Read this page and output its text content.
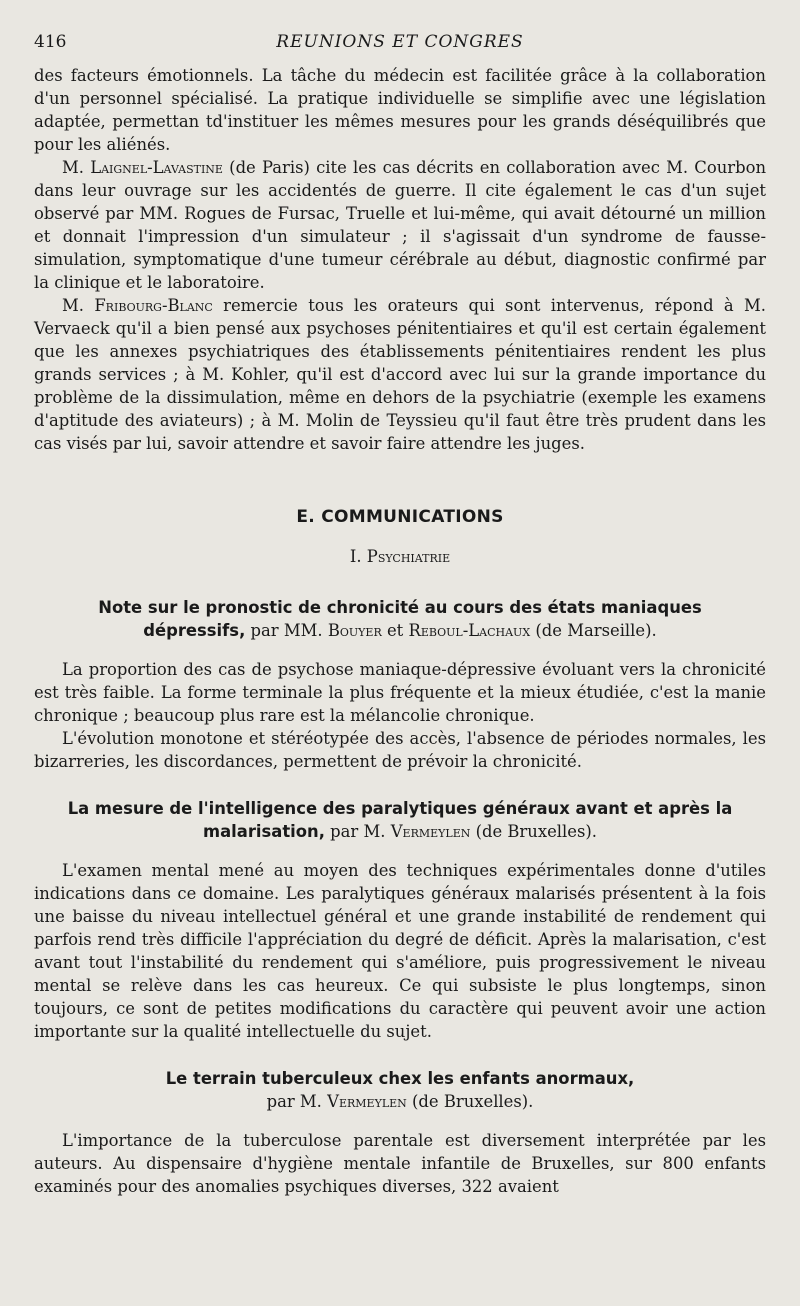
416	REUNIONS ET CONGRES

des facteurs émotionnels. La tâche du médecin est facilitée grâce à la collaboration d'un personnel spécialisé. La pratique individuelle se simplifie avec une législation adaptée, permettan td'instituer les mêmes mesures pour les grands déséquilibrés que pour les aliénés.

M. Laignel-Lavastine (de Paris) cite les cas décrits en collaboration avec M. Courbon dans leur ouvrage sur les accidentés de guerre. Il cite également le cas d'un sujet observé par MM. Rogues de Fursac, Truelle et lui-même, qui avait détourné un million et donnait l'impression d'un simulateur ; il s'agissait d'un syndrome de fausse-simulation, symptomatique d'une tumeur cérébrale au début, diagnostic confirmé par la clinique et le laboratoire.

M. Fribourg-Blanc remercie tous les orateurs qui sont intervenus, répond à M. Vervaeck qu'il a bien pensé aux psychoses pénitentiaires et qu'il est certain également que les annexes psychiatriques des établissements pénitentiaires rendent les plus grands services ; à M. Kohler, qu'il est d'accord avec lui sur la grande importance du problème de la dissimulation, même en dehors de la psychiatrie (exemple les examens d'aptitude des aviateurs) ; à M. Molin de Teyssieu qu'il faut être très prudent dans les cas visés par lui, savoir attendre et savoir faire attendre les juges.

E. COMMUNICATIONS
I. Psychiatrie
Note sur le pronostic de chronicité au cours des états maniaques dépressifs, par MM. Bouyer et Reboul-Lachaux (de Marseille).

La proportion des cas de psychose maniaque-dépressive évoluant vers la chronicité est très faible. La forme terminale la plus fréquente et la mieux étudiée, c'est la manie chronique ; beaucoup plus rare est la mélancolie chronique.

L'évolution monotone et stéréotypée des accès, l'absence de périodes normales, les bizarreries, les discordances, permettent de prévoir la chronicité.

La mesure de l'intelligence des paralytiques généraux avant et après la malarisation, par M. Vermeylen (de Bruxelles).

L'examen mental mené au moyen des techniques expérimentales donne d'utiles indications dans ce domaine. Les paralytiques généraux malarisés présentent à la fois une baisse du niveau intellectuel général et une grande instabilité de rendement qui parfois rend très difficile l'appréciation du degré de déficit. Après la malarisation, c'est avant tout l'instabilité du rendement qui s'améliore, puis progressivement le niveau mental se relève dans les cas heureux. Ce qui subsiste le plus longtemps, sinon toujours, ce sont de petites modifications du caractère qui peuvent avoir une action importante sur la qualité intellectuelle du sujet.

Le terrain tuberculeux chex les enfants anormaux,
par M. Vermeylen (de Bruxelles).

L'importance de la tuberculose parentale est diversement interprétée par les auteurs. Au dispensaire d'hygiène mentale infantile de Bruxelles, sur 800 enfants examinés pour des anomalies psychiques diverses, 322 avaient
